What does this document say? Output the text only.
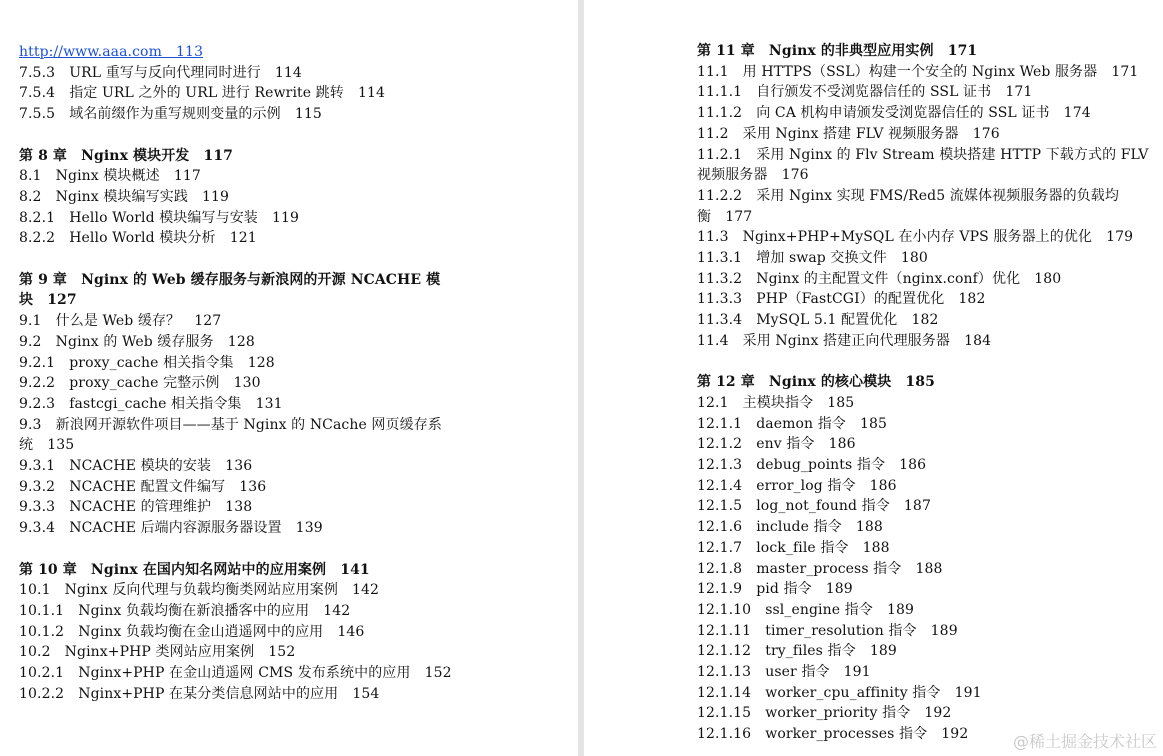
http://www.aaa.com　113
7.5.3　URL 重写与反向代理同时进行　114
7.5.4　指定 URL 之外的 URL 进行 Rewrite 跳转　114
7.5.5　域名前缀作为重写规则变量的示例　115
第 8 章　Nginx 模块开发　117
8.1　Nginx 模块概述　117
8.2　Nginx 模块编写实践　119
8.2.1　Hello World 模块编写与安装　119
8.2.2　Hello World 模块分析　121
第 9 章　Nginx 的 Web 缓存服务与新浪网的开源 NCACHE 模
块　127
9.1　什么是 Web 缓存？　127
9.2　Nginx 的 Web 缓存服务　128
9.2.1　proxy_cache 相关指令集　128
9.2.2　proxy_cache 完整示例　130
9.2.3　fastcgi_cache 相关指令集　131
9.3　新浪网开源软件项目——基于 Nginx 的 NCache 网页缓存系
统　135
9.3.1　NCACHE 模块的安装　136
9.3.2　NCACHE 配置文件编写　136
9.3.3　NCACHE 的管理维护　138
9.3.4　NCACHE 后端内容源服务器设置　139
第 10 章　Nginx 在国内知名网站中的应用案例　141
10.1　Nginx 反向代理与负载均衡类网站应用案例　142
10.1.1　Nginx 负载均衡在新浪播客中的应用　142
10.1.2　Nginx 负载均衡在金山逍遥网中的应用　146
10.2　Nginx+PHP 类网站应用案例　152
10.2.1　Nginx+PHP 在金山逍遥网 CMS 发布系统中的应用　152
10.2.2　Nginx+PHP 在某分类信息网站中的应用　154
第 11 章　Nginx 的非典型应用实例　171
11.1　用 HTTPS（SSL）构建一个安全的 Nginx Web 服务器　171
11.1.1　自行颁发不受浏览器信任的 SSL 证书　171
11.1.2　向 CA 机构申请颁发受浏览器信任的 SSL 证书　174
11.2　采用 Nginx 搭建 FLV 视频服务器　176
11.2.1　采用 Nginx 的 Flv Stream 模块搭建 HTTP 下载方式的 FLV
视频服务器　176
11.2.2　采用 Nginx 实现 FMS/Red5 流媒体视频服务器的负载均
衡　177
11.3　Nginx+PHP+MySQL 在小内存 VPS 服务器上的优化　179
11.3.1　增加 swap 交换文件　180
11.3.2　Nginx 的主配置文件（nginx.conf）优化　180
11.3.3　PHP（FastCGI）的配置优化　182
11.3.4　MySQL 5.1 配置优化　182
11.4　采用 Nginx 搭建正向代理服务器　184
第 12 章　Nginx 的核心模块　185
12.1　主模块指令　185
12.1.1　daemon 指令　185
12.1.2　env 指令　186
12.1.3　debug_points 指令　186
12.1.4　error_log 指令　186
12.1.5　log_not_found 指令　187
12.1.6　include 指令　188
12.1.7　lock_file 指令　188
12.1.8　master_process 指令　188
12.1.9　pid 指令　189
12.1.10　ssl_engine 指令　189
12.1.11　timer_resolution 指令　189
12.1.12　try_files 指令　189
12.1.13　user 指令　191
12.1.14　worker_cpu_affinity 指令　191
12.1.15　worker_priority 指令　192
12.1.16　worker_processes 指令　192	@稀土掘金技术社区
